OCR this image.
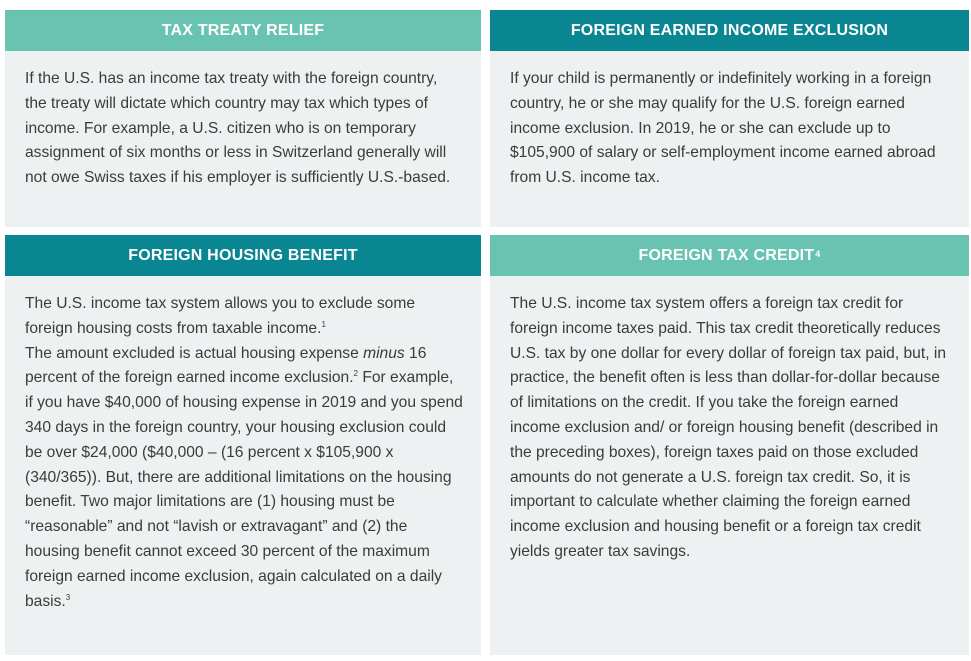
TAX TREATY RELIEF

If the U.S. has an income tax treaty with the foreign country, the treaty will dictate which country may tax which types of income. For example, a U.S. citizen who is on temporary assignment of six months or less in Switzerland generally will not owe Swiss taxes if his employer is sufficiently U.S.-based.

FOREIGN EARNED INCOME EXCLUSION

If your child is permanently or indefinitely working in a foreign country, he or she may qualify for the U.S. foreign earned income exclusion. In 2019, he or she can exclude up to $105,900 of salary or self-employment income earned abroad from U.S. income tax.

FOREIGN HOUSING BENEFIT

The U.S. income tax system allows you to exclude some foreign housing costs from taxable income.$^1$
The amount excluded is actual housing expense minus 16 percent of the foreign earned income exclusion.$^2$ For example, if you have $40,000 of housing expense in 2019 and you spend 340 days in the foreign country, your housing exclusion could be over $24,000 ($40,000 – (16 percent x $105,900 x (340/365)). But, there are additional limitations on the housing benefit. Two major limitations are (1) housing must be “reasonable” and not “lavish or extravagant” and (2) the housing benefit cannot exceed 30 percent of the maximum foreign earned income exclusion, again calculated on a daily basis.$^3$

FOREIGN TAX CREDIT$^4$

The U.S. income tax system offers a foreign tax credit for foreign income taxes paid. This tax credit theoretically reduces U.S. tax by one dollar for every dollar of foreign tax paid, but, in practice, the benefit often is less than dollar-for-dollar because of limitations on the credit. If you take the foreign earned income exclusion and/ or foreign housing benefit (described in the preceding boxes), foreign taxes paid on those excluded amounts do not generate a U.S. foreign tax credit. So, it is important to calculate whether claiming the foreign earned income exclusion and housing benefit or a foreign tax credit yields greater tax savings.
